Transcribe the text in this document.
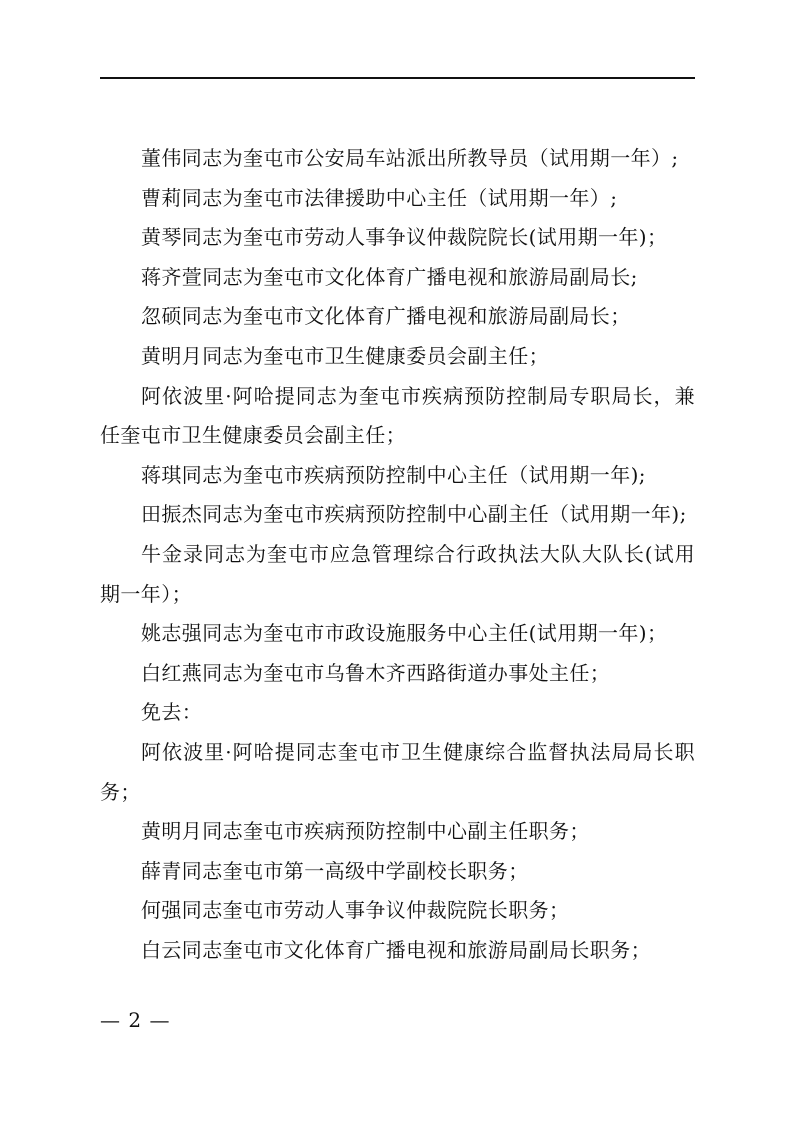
董伟同志为奎屯市公安局车站派出所教导员（试用期一年）;

曹莉同志为奎屯市法律援助中心主任（试用期一年）;

黄琴同志为奎屯市劳动人事争议仲裁院院长(试用期一年)；

蒋齐萱同志为奎屯市文化体育广播电视和旅游局副局长;

忽硕同志为奎屯市文化体育广播电视和旅游局副局长；

黄明月同志为奎屯市卫生健康委员会副主任；

阿依波里·阿哈提同志为奎屯市疾病预防控制局专职局长，兼任奎屯市卫生健康委员会副主任；

蒋琪同志为奎屯市疾病预防控制中心主任（试用期一年);

田振杰同志为奎屯市疾病预防控制中心副主任（试用期一年);

牛金录同志为奎屯市应急管理综合行政执法大队大队长(试用期一年）；

姚志强同志为奎屯市市政设施服务中心主任(试用期一年)；

白红燕同志为奎屯市乌鲁木齐西路街道办事处主任；

免去：

阿依波里·阿哈提同志奎屯市卫生健康综合监督执法局局长职务；

黄明月同志奎屯市疾病预防控制中心副主任职务；

薛青同志奎屯市第一高级中学副校长职务；

何强同志奎屯市劳动人事争议仲裁院院长职务；

白云同志奎屯市文化体育广播电视和旅游局副局长职务；

— 2 —
